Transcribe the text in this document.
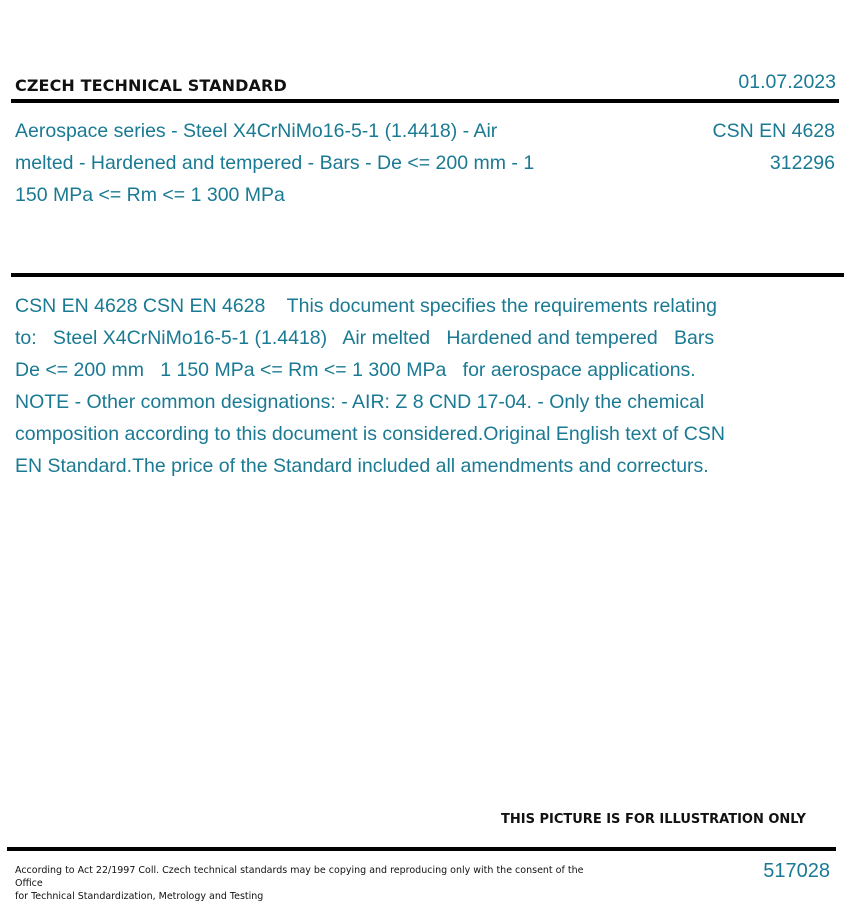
CZECH TECHNICAL STANDARD	01.07.2023
Aerospace series - Steel X4CrNiMo16-5-1 (1.4418) - Air melted - Hardened and tempered - Bars - De <= 200 mm - 1 150 MPa <= Rm <= 1 300 MPa
CSN EN 4628
312296
CSN EN 4628 CSN EN 4628    This document specifies the requirements relating to:   Steel X4CrNiMo16-5-1 (1.4418)   Air melted   Hardened and tempered   Bars   De <= 200 mm   1 150 MPa <= Rm <= 1 300 MPa   for aerospace applications. NOTE - Other common designations: - AIR: Z 8 CND 17-04. - Only the chemical composition according to this document is considered.Original English text of CSN EN Standard.The price of the Standard included all amendments and correcturs.
THIS PICTURE IS FOR ILLUSTRATION ONLY
According to Act 22/1997 Coll. Czech technical standards may be copying and reproducing only with the consent of the Office
for Technical Standardization, Metrology and Testing
517028
